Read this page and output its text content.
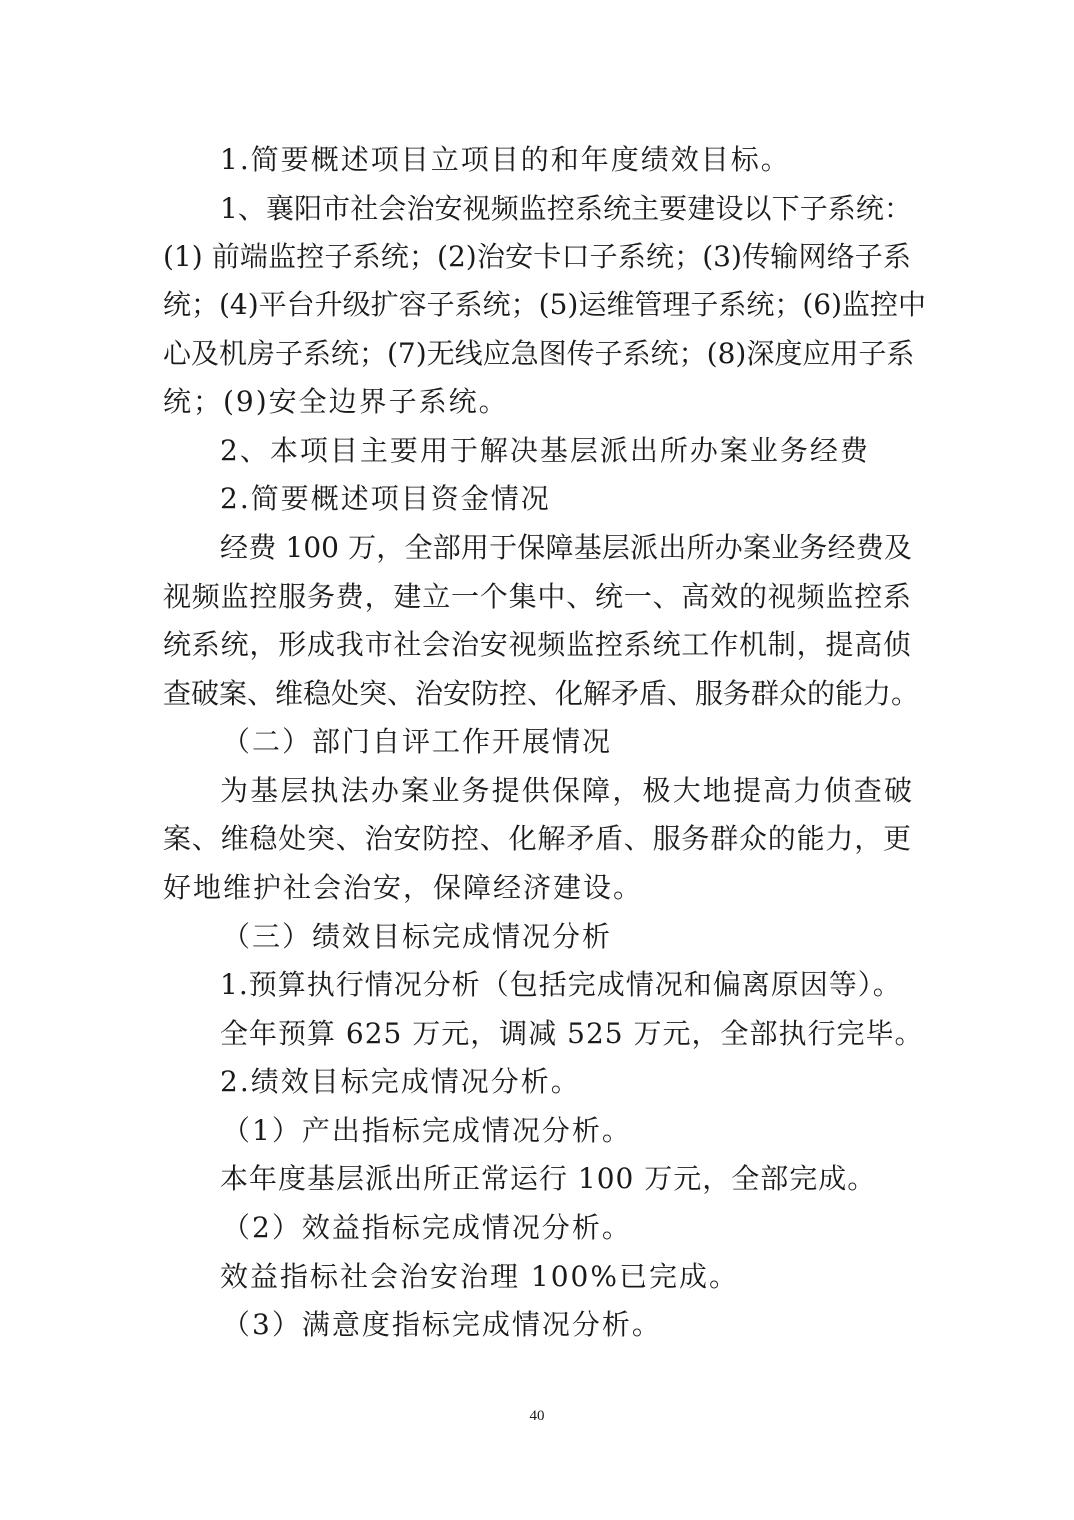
1.简要概述项目立项目的和年度绩效目标。
1、襄阳市社会治安视频监控系统主要建设以下子系统：
(1) 前端监控子系统；(2)治安卡口子系统；(3)传输网络子系
统；(4)平台升级扩容子系统；(5)运维管理子系统；(6)监控中
心及机房子系统；(7)无线应急图传子系统；(8)深度应用子系
统；(9)安全边界子系统。
2、本项目主要用于解决基层派出所办案业务经费
2.简要概述项目资金情况
经费 100 万，全部用于保障基层派出所办案业务经费及
视频监控服务费，建立一个集中、统一、高效的视频监控系
统系统，形成我市社会治安视频监控系统工作机制，提高侦
查破案、维稳处突、治安防控、化解矛盾、服务群众的能力。
（二）部门自评工作开展情况
为基层执法办案业务提供保障，极大地提高力侦查破
案、维稳处突、治安防控、化解矛盾、服务群众的能力，更
好地维护社会治安，保障经济建设。
（三）绩效目标完成情况分析
1.预算执行情况分析（包括完成情况和偏离原因等）。
全年预算 625 万元，调减 525 万元，全部执行完毕。
2.绩效目标完成情况分析。
（1）产出指标完成情况分析。
本年度基层派出所正常运行 100 万元，全部完成。
（2）效益指标完成情况分析。
效益指标社会治安治理 100%已完成。
（3）满意度指标完成情况分析。
40
